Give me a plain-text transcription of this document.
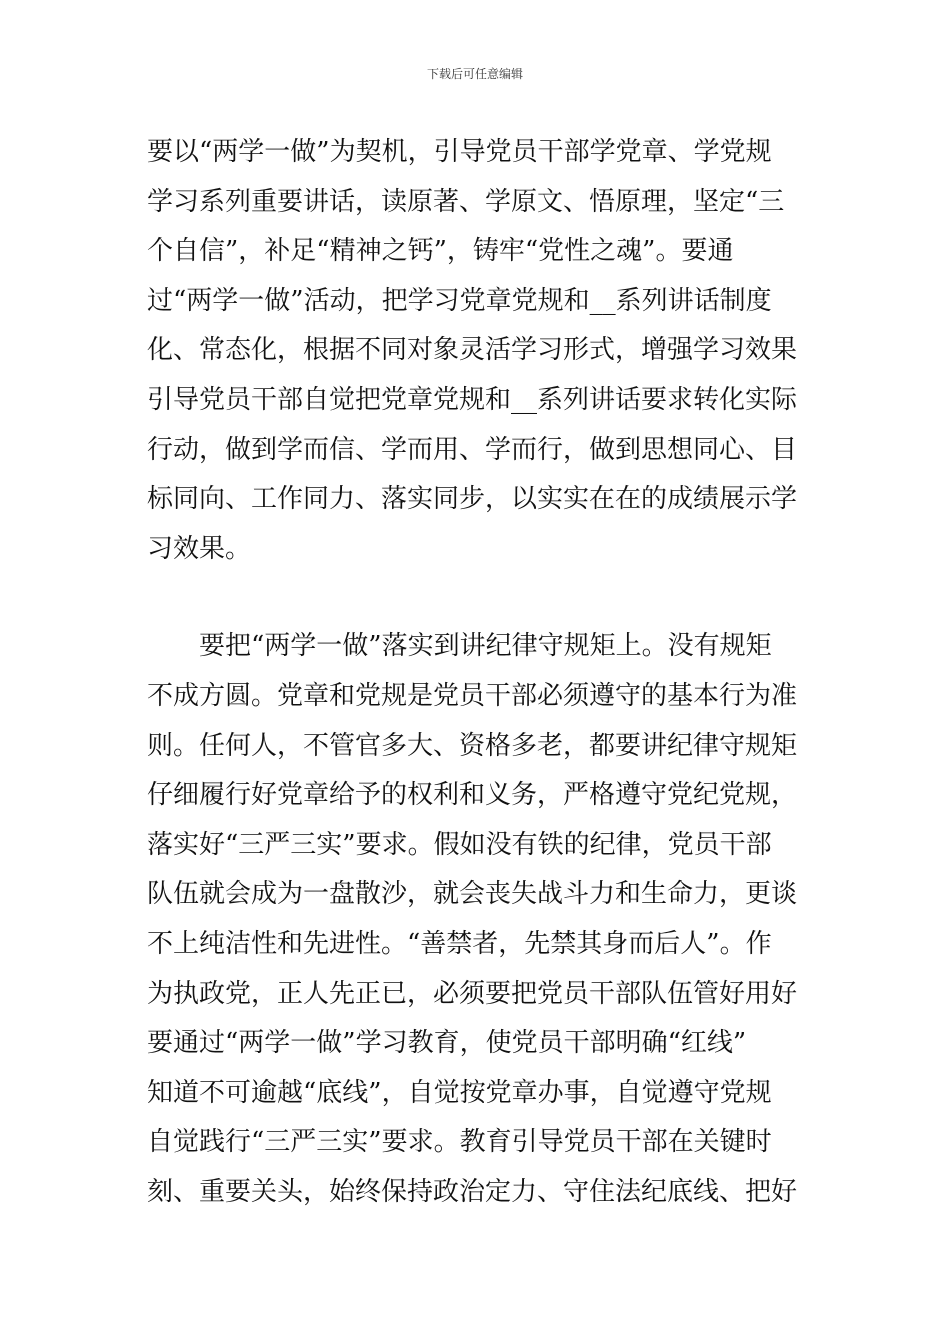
下载后可任意编辑
要以“两学一做”为契机，引导党员干部学党章、学党规
学习系列重要讲话，读原著、学原文、悟原理，坚定“三
个自信”，补足“精神之钙”，铸牢“党性之魂”。要通
过“两学一做”活动，把学习党章党规和__系列讲话制度
化、常态化，根据不同对象灵活学习形式，增强学习效果
引导党员干部自觉把党章党规和__系列讲话要求转化实际
行动，做到学而信、学而用、学而行，做到思想同心、目
标同向、工作同力、落实同步，以实实在在的成绩展示学
习效果。
　　要把“两学一做”落实到讲纪律守规矩上。没有规矩
不成方圆。党章和党规是党员干部必须遵守的基本行为准
则。任何人，不管官多大、资格多老，都要讲纪律守规矩
仔细履行好党章给予的权利和义务，严格遵守党纪党规，
落实好“三严三实”要求。假如没有铁的纪律，党员干部
队伍就会成为一盘散沙，就会丧失战斗力和生命力，更谈
不上纯洁性和先进性。“善禁者，先禁其身而后人”。作
为执政党，正人先正已，必须要把党员干部队伍管好用好
要通过“两学一做”学习教育，使党员干部明确“红线”
知道不可逾越“底线”，自觉按党章办事，自觉遵守党规
自觉践行“三严三实”要求。教育引导党员干部在关键时
刻、重要关头，始终保持政治定力、守住法纪底线、把好
